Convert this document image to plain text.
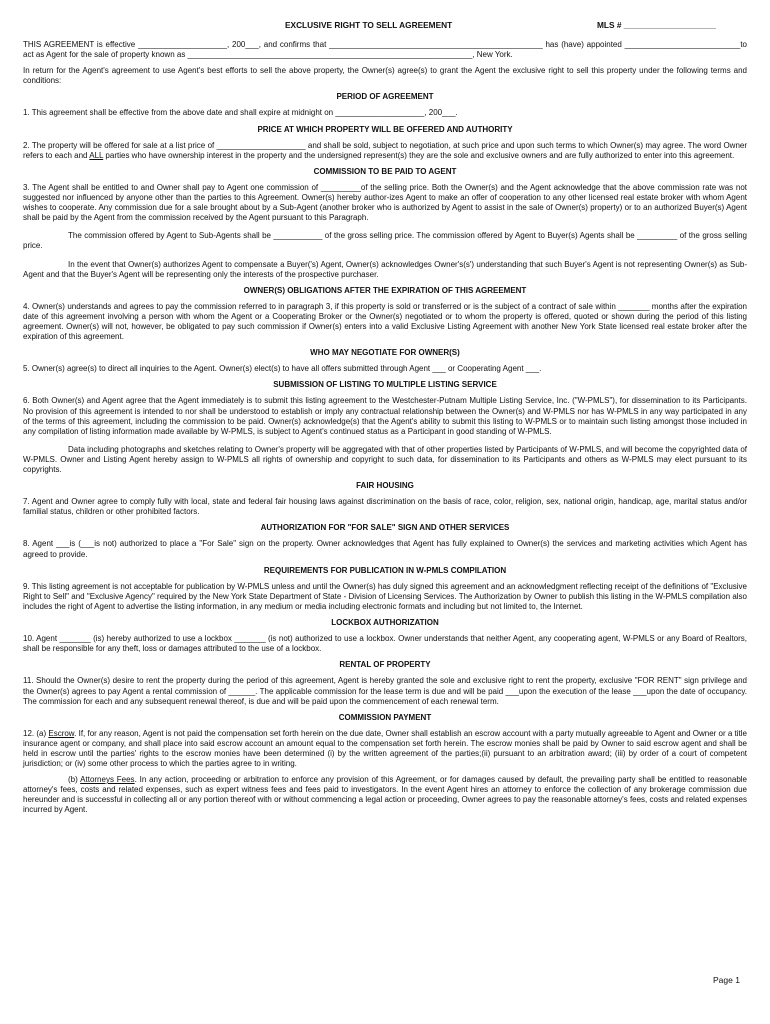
EXCLUSIVE RIGHT TO SELL AGREEMENT	MLS # ____________________

THIS AGREEMENT is effective ____________________, 200___, and confirms that ________________________________________________ has (have) appointed __________________________to act as Agent for the sale of property known as ________________________________________________________________, New York.

In return for the Agent's agreement to use Agent's best efforts to sell the above property, the Owner(s) agree(s) to grant the Agent the exclusive right to sell this property under the following terms and conditions:

PERIOD OF AGREEMENT

1. This agreement shall be effective from the above date and shall expire at midnight on ____________________, 200___.

PRICE AT WHICH PROPERTY WILL BE OFFERED AND AUTHORITY

2. The property will be offered for sale at a list price of ____________________ and shall be sold, subject to negotiation, at such price and upon such terms to which Owner(s) may agree. The word Owner refers to each and ALL parties who have ownership interest in the property and the undersigned represent(s) they are the sole and exclusive owners and are fully authorized to enter into this agreement.

COMMISSION TO BE PAID TO AGENT

3. The Agent shall be entitled to and Owner shall pay to Agent one commission of _________of the selling price. Both the Owner(s) and the Agent acknowledge that the above commission rate was not suggested nor influenced by anyone other than the parties to this Agreement. Owner(s) hereby author-izes Agent to make an offer of cooperation to any other licensed real estate broker with whom Agent wishes to cooperate. Any commission due for a sale brought about by a Sub-Agent (another broker who is authorized by Agent to assist in the sale of Owner(s) property) or to an authorized Buyer(s) Agent shall be paid by the Agent from the commission received by the Agent pursuant to this Paragraph.

The commission offered by Agent to Sub-Agents shall be ___________ of the gross selling price. The commission offered by Agent to Buyer(s) Agents shall be _________ of the gross selling price.

In the event that Owner(s) authorizes Agent to compensate a Buyer('s) Agent, Owner(s) acknowledges Owner's(s') understanding that such Buyer's Agent is not representing Owner(s) as Sub-Agent and that the Buyer's Agent will be representing only the interests of the prospective purchaser.

OWNER(S) OBLIGATIONS AFTER THE EXPIRATION OF THIS AGREEMENT

4. Owner(s) understands and agrees to pay the commission referred to in paragraph 3, if this property is sold or transferred or is the subject of a contract of sale within _______ months after the expiration date of this agreement involving a person with whom the Agent or a Cooperating Broker or the Owner(s) negotiated or to whom the property is offered, quoted or shown during the period of this listing agreement. Owner(s) will not, however, be obligated to pay such commission if Owner(s) enters into a valid Exclusive Listing Agreement with another New York State licensed real estate broker after the expiration of this agreement.

WHO MAY NEGOTIATE FOR OWNER(S)

5. Owner(s) agree(s) to direct all inquiries to the Agent. Owner(s) elect(s) to have all offers submitted through Agent ___ or Cooperating Agent ___.

SUBMISSION OF LISTING TO MULTIPLE LISTING SERVICE

6. Both Owner(s) and Agent agree that the Agent immediately is to submit this listing agreement to the Westchester-Putnam Multiple Listing Service, Inc. ("W-PMLS"), for dissemination to its Participants. No provision of this agreement is intended to nor shall be understood to establish or imply any contractual relationship between the Owner(s) and W-PMLS nor has W-PMLS in any way participated in any of the terms of this agreement, including the commission to be paid. Owner(s) acknowledge(s) that the Agent's ability to submit this listing to W-PMLS or to maintain such listing amongst those included in any compilation of listing information made available by W-PMLS, is subject to Agent's continued status as a Participant in good standing of W-PMLS.

Data including photographs and sketches relating to Owner's property will be aggregated with that of other properties listed by Participants of W-PMLS, and will become the copyrighted data of W-PMLS. Owner and Listing Agent hereby assign to W-PMLS all rights of ownership and copyright to such data, for dissemination to its Participants and others as W-PMLS may elect pursuant to its copyrights.

FAIR HOUSING

7. Agent and Owner agree to comply fully with local, state and federal fair housing laws against discrimination on the basis of race, color, religion, sex, national origin, handicap, age, marital status and/or familial status, children or other prohibited factors.

AUTHORIZATION FOR "FOR SALE" SIGN AND OTHER SERVICES

8. Agent ___is (___is not) authorized to place a "For Sale" sign on the property. Owner acknowledges that Agent has fully explained to Owner(s) the services and marketing activities which Agent has agreed to provide.

REQUIREMENTS FOR PUBLICATION IN W-PMLS COMPILATION

9. This listing agreement is not acceptable for publication by W-PMLS unless and until the Owner(s) has duly signed this agreement and an acknowledgment reflecting receipt of the definitions of "Exclusive Right to Sell" and "Exclusive Agency" required by the New York State Department of State - Division of Licensing Services. The Authorization by Owner to publish this listing in the W-PMLS compilation also includes the right of Agent to advertise the listing information, in any medium or media including electronic formats and including but not limited to, the Internet.

LOCKBOX AUTHORIZATION

10. Agent _______ (is) hereby authorized to use a lockbox _______ (is not) authorized to use a lockbox. Owner understands that neither Agent, any cooperating agent, W-PMLS or any Board of Realtors, shall be responsible for any theft, loss or damages attributed to the use of a lockbox.

RENTAL OF PROPERTY

11. Should the Owner(s) desire to rent the property during the period of this agreement, Agent is hereby granted the sole and exclusive right to rent the property, exclusive "FOR RENT" sign privilege and the Owner(s) agrees to pay Agent a rental commission of ______. The applicable commission for the lease term is due and will be paid ___upon the execution of the lease ___upon the date of occupancy. The commission for each and any subsequent renewal thereof, is due and will be paid upon the commencement of each renewal term.

COMMISSION PAYMENT

12. (a) Escrow. If, for any reason, Agent is not paid the compensation set forth herein on the due date, Owner shall establish an escrow account with a party mutually agreeable to Agent and Owner or a title insurance agent or company, and shall place into said escrow account an amount equal to the compensation set forth herein. The escrow monies shall be paid by Owner to said escrow agent and shall be held in escrow until the parties' rights to the escrow monies have been determined (i) by the written agreement of the parties;(ii) pursuant to an arbitration award; (iii) by order of a court of competent jurisdiction; or (iv) some other process to which the parties agree to in writing.

(b) Attorneys Fees. In any action, proceeding or arbitration to enforce any provision of this Agreement, or for damages caused by default, the prevailing party shall be entitled to reasonable attorney's fees, costs and related expenses, such as expert witness fees and fees paid to investigators. In the event Agent hires an attorney to enforce the collection of any brokerage commission due hereunder and is successful in collecting all or any portion thereof with or without commencing a legal action or proceeding, Owner agrees to pay the reasonable attorney's fees, costs and related expenses incurred by Agent.

Page 1
